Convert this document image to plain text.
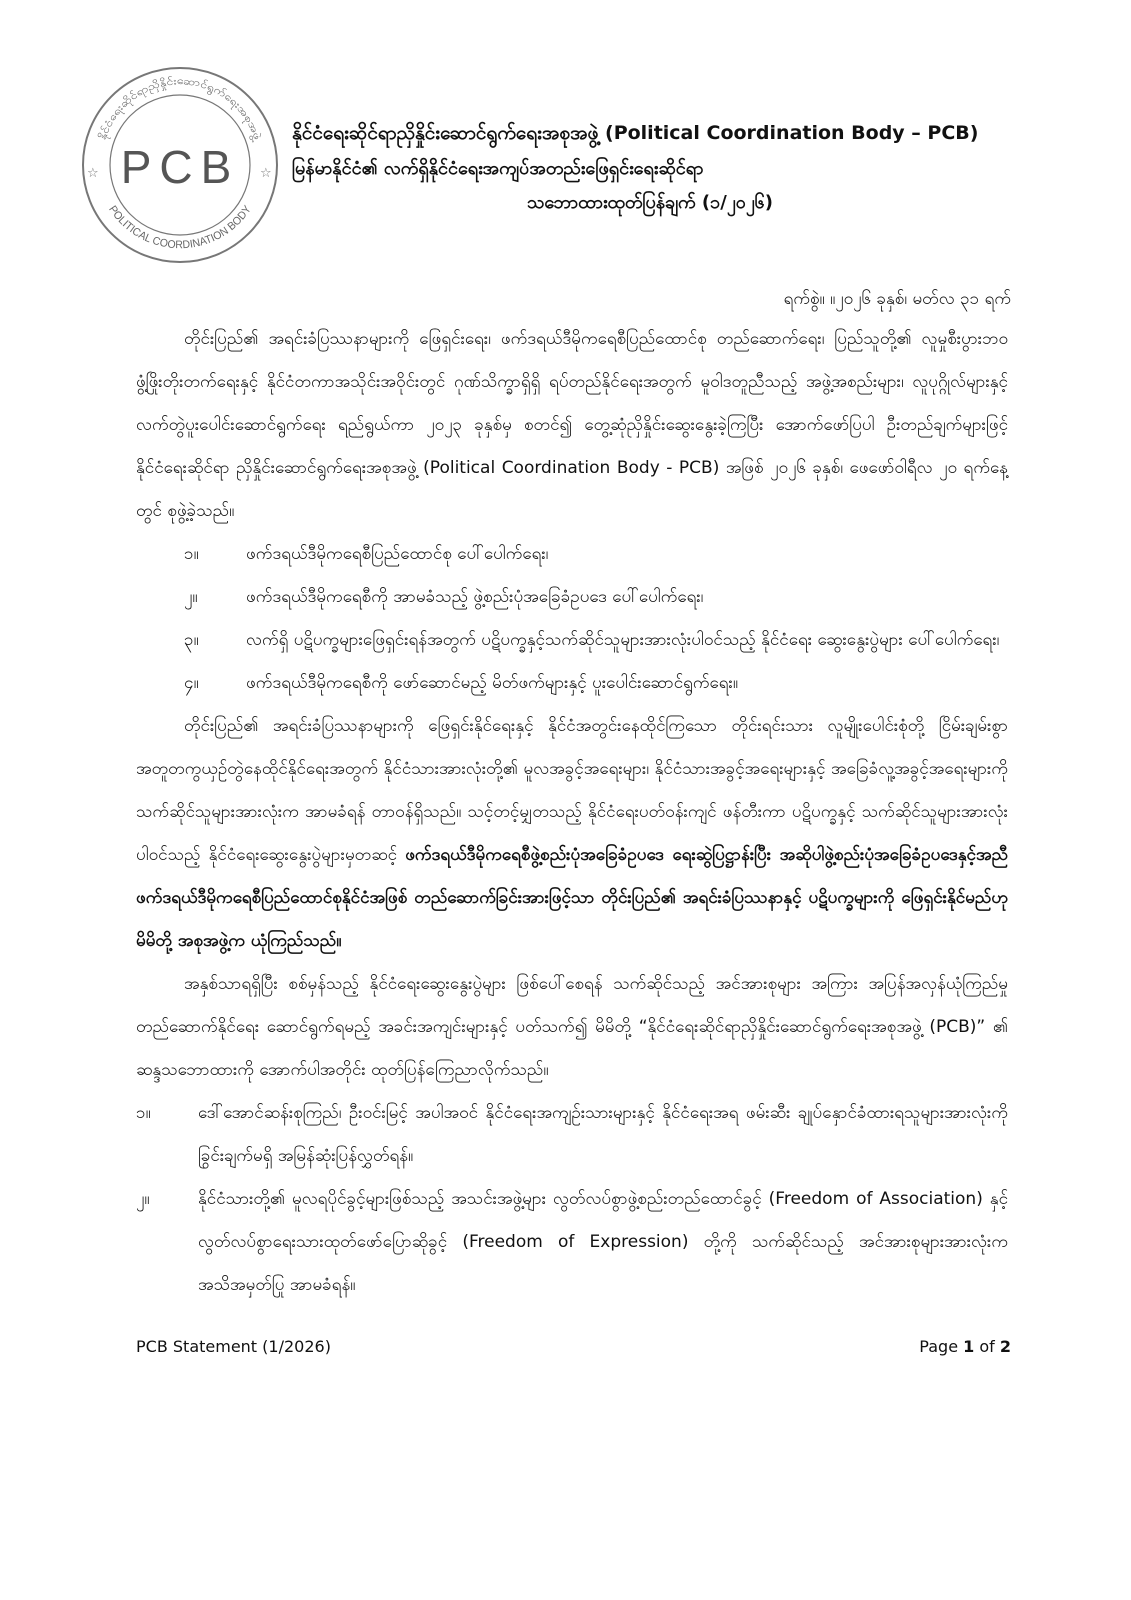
နိုင်ငံရေးဆိုင်ရာညှိနှိုင်းဆောင်ရွက်ရေးအစုအဖွဲ့
POLITICAL COORDINATION BODY
PCB
☆	☆

နိုင်ငံရေးဆိုင်ရာညှိနှိုင်းဆောင်ရွက်ရေးအစုအဖွဲ့ (Political Coordination Body – PCB)

မြန်မာနိုင်ငံ၏ လက်ရှိနိုင်ငံရေးအကျပ်အတည်းဖြေရှင်းရေးဆိုင်ရာ

သဘောထားထုတ်ပြန်ချက် (၁/၂၀၂၆)

ရက်စွဲ။ ။၂၀၂၆ ခုနှစ်၊ မတ်လ ၃၁ ရက်

တိုင်းပြည်၏ အရင်းခံပြဿနာများကို ဖြေရှင်းရေး၊ ဖက်ဒရယ်ဒီမိုကရေစီပြည်ထောင်စု တည်ဆောက်ရေး၊ ပြည်သူတို့၏ လူမှုစီးပွားဘဝ ဖွံ့ဖြိုးတိုးတက်ရေးနှင့် နိုင်ငံတကာအသိုင်းအဝိုင်းတွင် ဂုဏ်သိက္ခာရှိရှိ ရပ်တည်နိုင်ရေးအတွက် မူဝါဒတူညီသည့် အဖွဲ့အစည်းများ၊ လူပုဂ္ဂိုလ်များနှင့် လက်တွဲပူးပေါင်းဆောင်ရွက်ရေး ရည်ရွယ်ကာ ၂၀၂၃ ခုနှစ်မှ စတင်၍ တွေ့ဆုံညှိနှိုင်းဆွေးနွေးခဲ့ကြပြီး အောက်ဖော်ပြပါ ဦးတည်ချက်များဖြင့် နိုင်ငံရေးဆိုင်ရာ ညှိနှိုင်းဆောင်ရွက်ရေးအစုအဖွဲ့ (Political Coordination Body - PCB) အဖြစ် ၂၀၂၆ ခုနှစ်၊ ဖေဖော်ဝါရီလ ၂၀ ရက်နေ့တွင် စုဖွဲ့ခဲ့သည်။

၁။	ဖက်ဒရယ်ဒီမိုကရေစီပြည်ထောင်စု ပေါ်ပေါက်ရေး၊
၂။	ဖက်ဒရယ်ဒီမိုကရေစီကို အာမခံသည့် ဖွဲ့စည်းပုံအခြေခံဥပဒေ ပေါ်ပေါက်ရေး၊
၃။	လက်ရှိ ပဋိပက္ခများဖြေရှင်းရန်အတွက် ပဋိပက္ခနှင့်သက်ဆိုင်သူများအားလုံးပါဝင်သည့် နိုင်ငံရေး ဆွေးနွေးပွဲများ ပေါ်ပေါက်ရေး၊
၄။	ဖက်ဒရယ်ဒီမိုကရေစီကို ဖော်ဆောင်မည့် မိတ်ဖက်များနှင့် ပူးပေါင်းဆောင်ရွက်ရေး။

တိုင်းပြည်၏ အရင်းခံပြဿနာများကို ဖြေရှင်းနိုင်ရေးနှင့် နိုင်ငံအတွင်းနေထိုင်ကြသော တိုင်းရင်းသား လူမျိုးပေါင်းစုံတို့ ငြိမ်းချမ်းစွာအတူတကွယှဉ်တွဲနေထိုင်နိုင်ရေးအတွက် နိုင်ငံသားအားလုံးတို့၏ မူလအခွင့်အရေးများ၊ နိုင်ငံသားအခွင့်အရေးများနှင့် အခြေခံလူ့အခွင့်အရေးများကို သက်ဆိုင်သူများအားလုံးက အာမခံရန် တာဝန်ရှိသည်။ သင့်တင့်မျှတသည့် နိုင်ငံရေးပတ်ဝန်းကျင် ဖန်တီးကာ ပဋိပက္ခနှင့် သက်ဆိုင်သူများအားလုံး ပါဝင်သည့် နိုင်ငံရေးဆွေးနွေးပွဲများမှတဆင့် ဖက်ဒရယ်ဒီမိုကရေစီဖွဲ့စည်းပုံအခြေခံဥပဒေ ရေးဆွဲပြဋ္ဌာန်းပြီး အဆိုပါဖွဲ့စည်းပုံအခြေခံဥပဒေနှင့်အညီ ဖက်ဒရယ်ဒီမိုကရေစီပြည်ထောင်စုနိုင်ငံအဖြစ် တည်ဆောက်ခြင်းအားဖြင့်သာ တိုင်းပြည်၏ အရင်းခံပြဿနာနှင့် ပဋိပက္ခများကို ဖြေရှင်းနိုင်မည်ဟု မိမိတို့ အစုအဖွဲ့က ယုံကြည်သည်။

အနှစ်သာရရှိပြီး စစ်မှန်သည့် နိုင်ငံရေးဆွေးနွေးပွဲများ ဖြစ်ပေါ်စေရန် သက်ဆိုင်သည့် အင်အားစုများ အကြား အပြန်အလှန်ယုံကြည်မှု တည်ဆောက်နိုင်ရေး ဆောင်ရွက်ရမည့် အခင်းအကျင်းများနှင့် ပတ်သက်၍ မိမိတို့ “နိုင်ငံရေးဆိုင်ရာညှိနှိုင်းဆောင်ရွက်ရေးအစုအဖွဲ့ (PCB)” ၏ ဆန္ဒသဘောထားကို အောက်ပါအတိုင်း ထုတ်ပြန်ကြေညာလိုက်သည်။

၁။	ဒေါ်အောင်ဆန်းစုကြည်၊ ဦးဝင်းမြင့် အပါအဝင် နိုင်ငံရေးအကျဉ်းသားများနှင့် နိုင်ငံရေးအရ ဖမ်းဆီး ချုပ်နှောင်ခံထားရသူများအားလုံးကို ခြွင်းချက်မရှိ အမြန်ဆုံးပြန်လွှတ်ရန်။
၂။	နိုင်ငံသားတို့၏ မူလရပိုင်ခွင့်များဖြစ်သည့် အသင်းအဖွဲ့များ လွတ်လပ်စွာဖွဲ့စည်းတည်ထောင်ခွင့် (Freedom of Association) နှင့် လွတ်လပ်စွာရေးသားထုတ်ဖော်ပြောဆိုခွင့် (Freedom of Expression) တို့ကို သက်ဆိုင်သည့် အင်အားစုများအားလုံးက အသိအမှတ်ပြု အာမခံရန်။
PCB Statement (1/2026)	Page 1 of 2
